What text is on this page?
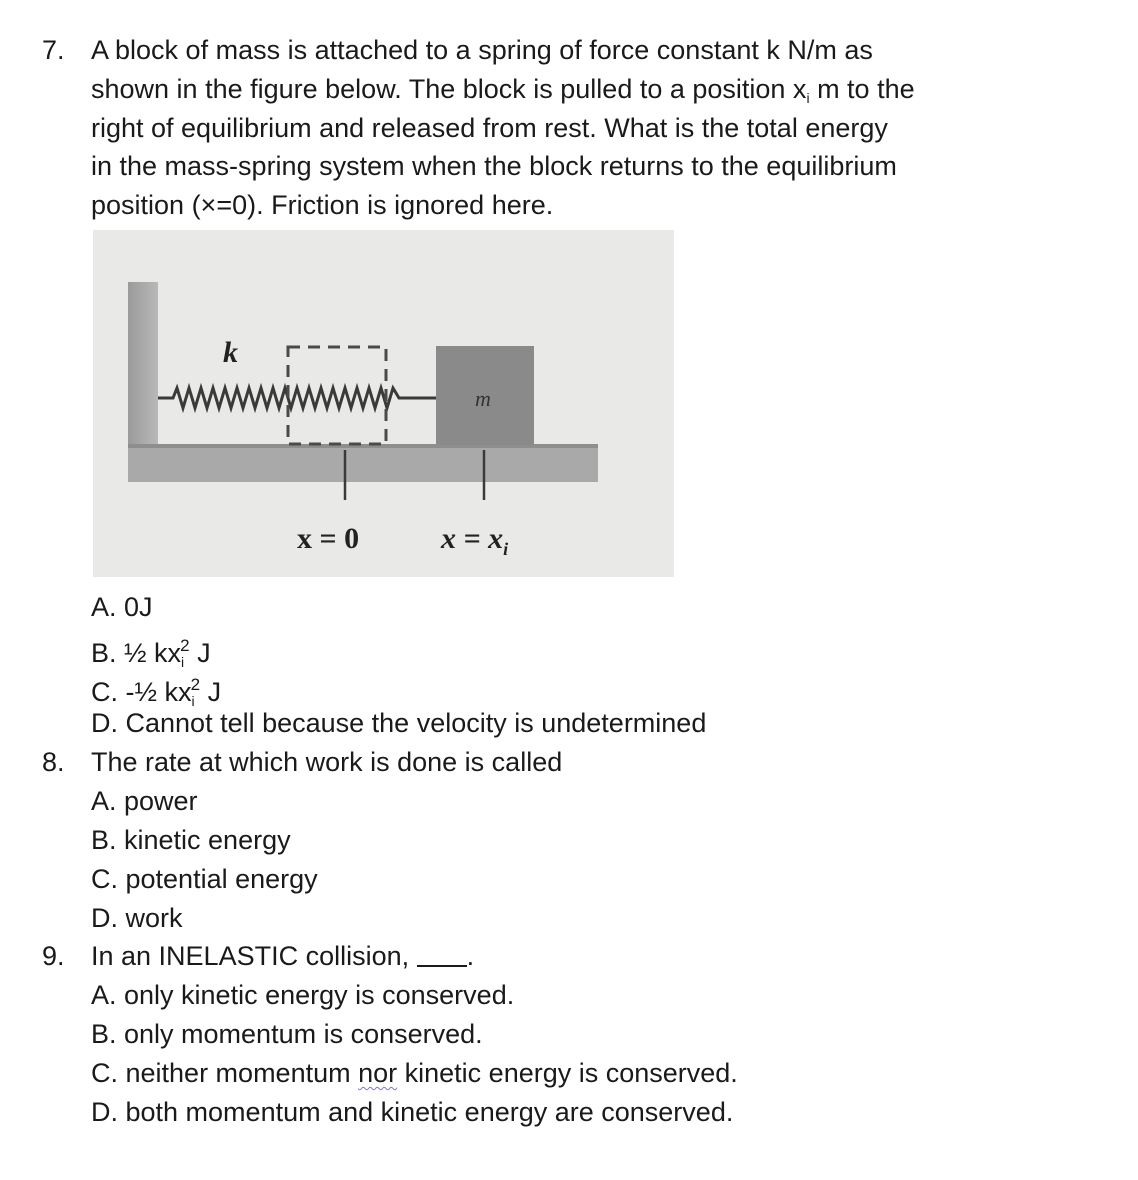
7. A block of mass is attached to a spring of force constant k N/m as
shown in the figure below. The block is pulled to a position $x_i$ m to the
right of equilibrium and released from rest. What is the total energy
in the mass-spring system when the block returns to the equilibrium
position (×=0). Friction is ignored here.
k
m
x = 0	$x = x_i$
A. 0J
B. ½ $kx_i^2$ J
C. -½ $kx_i^2$ J
D. Cannot tell because the velocity is undetermined
8. The rate at which work is done is called
A. power
B. kinetic energy
C. potential energy
D. work
9. In an INELASTIC collision, .
A. only kinetic energy is conserved.
B. only momentum is conserved.
C. neither momentum nor kinetic energy is conserved.
D. both momentum and kinetic energy are conserved.
